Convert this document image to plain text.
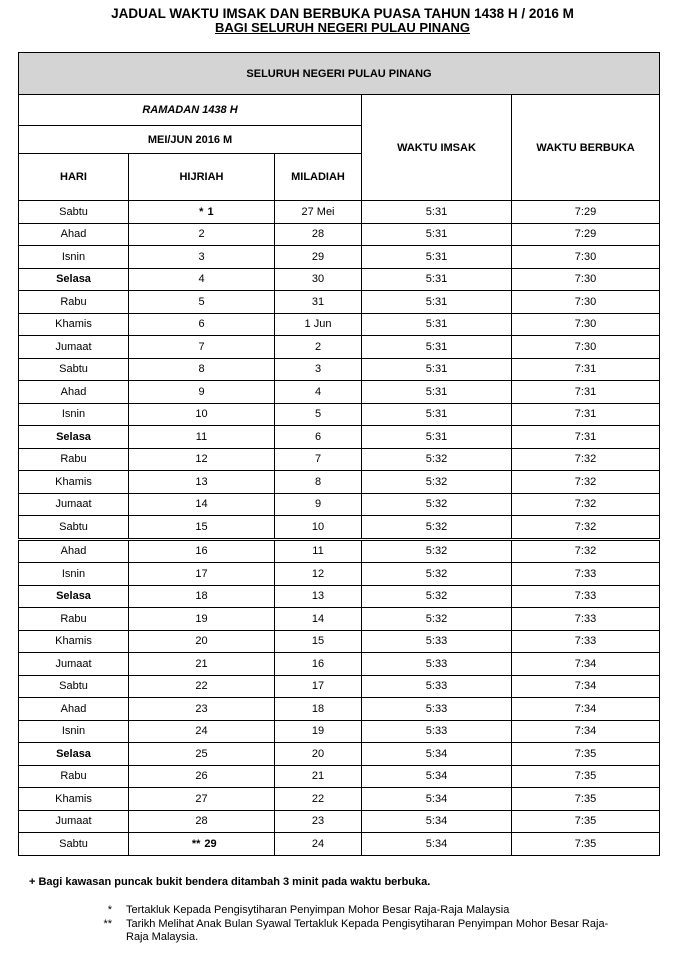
JADUAL WAKTU IMSAK DAN BERBUKA PUASA TAHUN 1438 H / 2016 M
BAGI SELURUH NEGERI PULAU PINANG
SELURUH NEGERI PULAU PINANG				
RAMADAN 1438 H			WAKTU IMSAK	WAKTU BERBUKA
MEI/JUN 2016 M				
HARI	HIJRIAH	MILADIAH		
Sabtu	* 1	27 Mei	5:31	7:29
Ahad	2	28	5:31	7:29
Isnin	3	29	5:31	7:30
Selasa	4	30	5:31	7:30
Rabu	5	31	5:31	7:30
Khamis	6	1 Jun	5:31	7:30
Jumaat	7	2	5:31	7:30
Sabtu	8	3	5:31	7:31
Ahad	9	4	5:31	7:31
Isnin	10	5	5:31	7:31
Selasa	11	6	5:31	7:31
Rabu	12	7	5:32	7:32
Khamis	13	8	5:32	7:32
Jumaat	14	9	5:32	7:32
Sabtu	15	10	5:32	7:32
Ahad	16	11	5:32	7:32
Isnin	17	12	5:32	7:33
Selasa	18	13	5:32	7:33
Rabu	19	14	5:32	7:33
Khamis	20	15	5:33	7:33
Jumaat	21	16	5:33	7:34
Sabtu	22	17	5:33	7:34
Ahad	23	18	5:33	7:34
Isnin	24	19	5:33	7:34
Selasa	25	20	5:34	7:35
Rabu	26	21	5:34	7:35
Khamis	27	22	5:34	7:35
Jumaat	28	23	5:34	7:35
Sabtu	** 29	24	5:34	7:35
+ Bagi kawasan puncak bukit bendera ditambah 3 minit pada waktu berbuka.
* Tertakluk Kepada Pengisytiharan Penyimpan Mohor Besar Raja-Raja Malaysia
** Tarikh Melihat Anak Bulan Syawal Tertakluk Kepada Pengisytiharan Penyimpan Mohor Besar Raja-Raja Malaysia.
